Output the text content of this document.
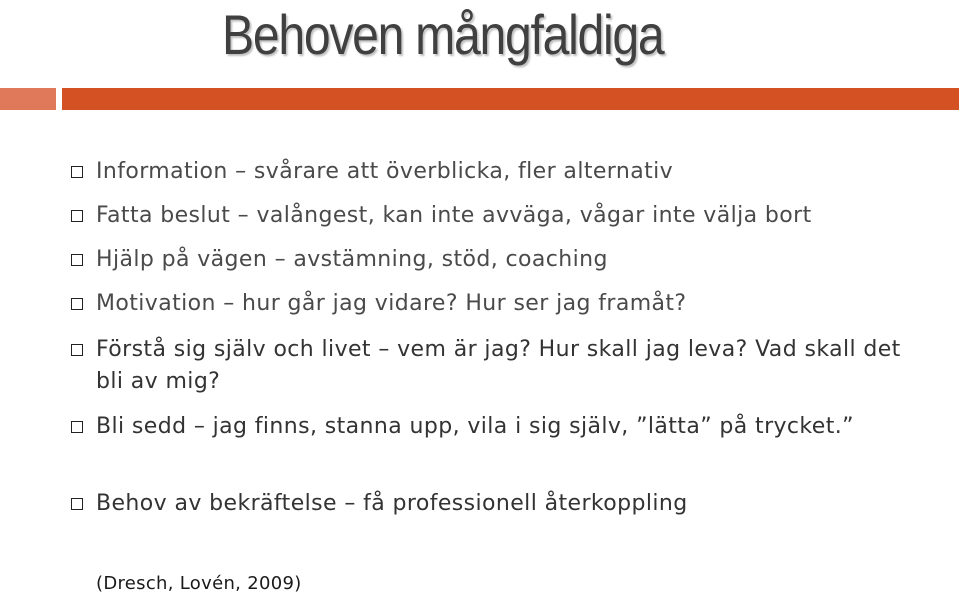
Behoven mångfaldiga
Information – svårare att överblicka, fler alternativ
Fatta beslut – valångest, kan inte avväga, vågar inte välja bort
Hjälp på vägen – avstämning, stöd, coaching
Motivation – hur går jag vidare? Hur ser jag framåt?
Förstå sig själv och livet – vem är jag? Hur skall jag leva? Vad skall det bli av mig?
Bli sedd – jag finns, stanna upp, vila i sig själv, ”lätta” på trycket.”
Behov av bekräftelse – få professionell återkoppling
(Dresch, Lovén, 2009)
